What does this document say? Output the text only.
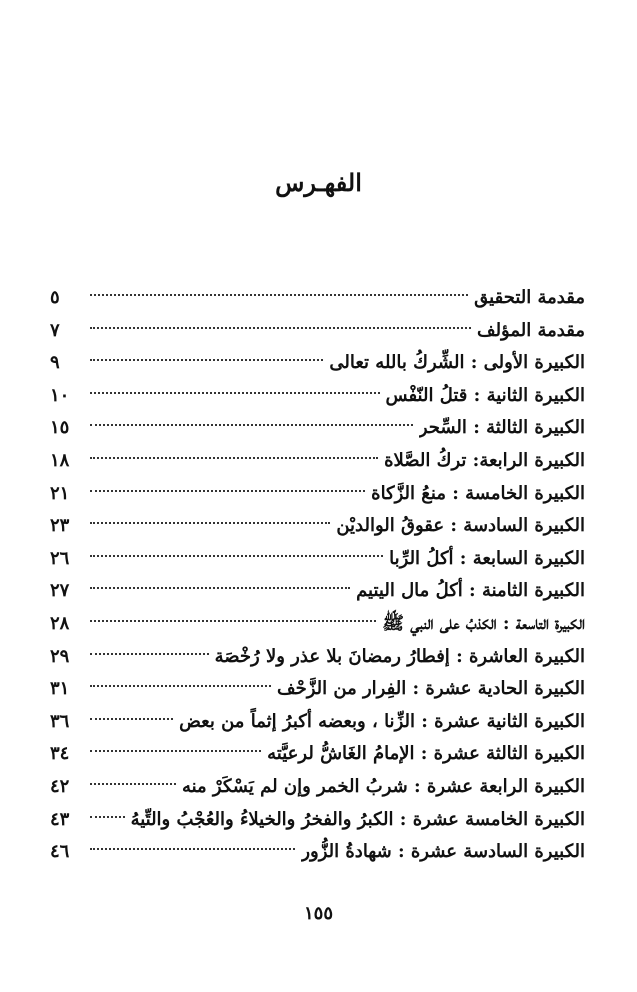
الفهـرس
مقدمة التحقيق
٥
مقدمة المؤلف
٧
الكبيرة الأولى : الشِّركُ بالله تعالى
٩
الكبيرة الثانية : قتلُ النّفْس
١٠
الكبيرة الثالثة : السِّحر
١٥
الكبيرة الرابعة: تركُ الصَّلاة
١٨
الكبيرة الخامسة : منعُ الزَّكاة
٢١
الكبيرة السادسة : عقوقُ الوالديْن
٢٣
الكبيرة السابعة : أكلُ الرِّبا
٢٦
الكبيرة الثامنة : أكلُ مال اليتيم
٢٧
الكبيرة التاسعة : الكذبُ على النبي ﷺ
٢٨
الكبيرة العاشرة : إفطارُ رمضانَ بلا عذر ولا رُخْصَة
٢٩
الكبيرة الحادية عشرة : الفِرار من الزَّحْف
٣١
الكبيرة الثانية عشرة : الزِّنا ، وبعضه أكبرُ إثماً من بعض
٣٦
الكبيرة الثالثة عشرة : الإمامُ الغَاشُّ لرعيَّته
٣٤
الكبيرة الرابعة عشرة : شربُ الخمر وإن لم يَسْكَرْ منه
٤٢
الكبيرة الخامسة عشرة : الكبرُ والفخرُ والخيلاءُ والعُجْبُ والتِّيهُ
٤٣
الكبيرة السادسة عشرة : شهادةُ الزُّور
٤٦
١٥٥
